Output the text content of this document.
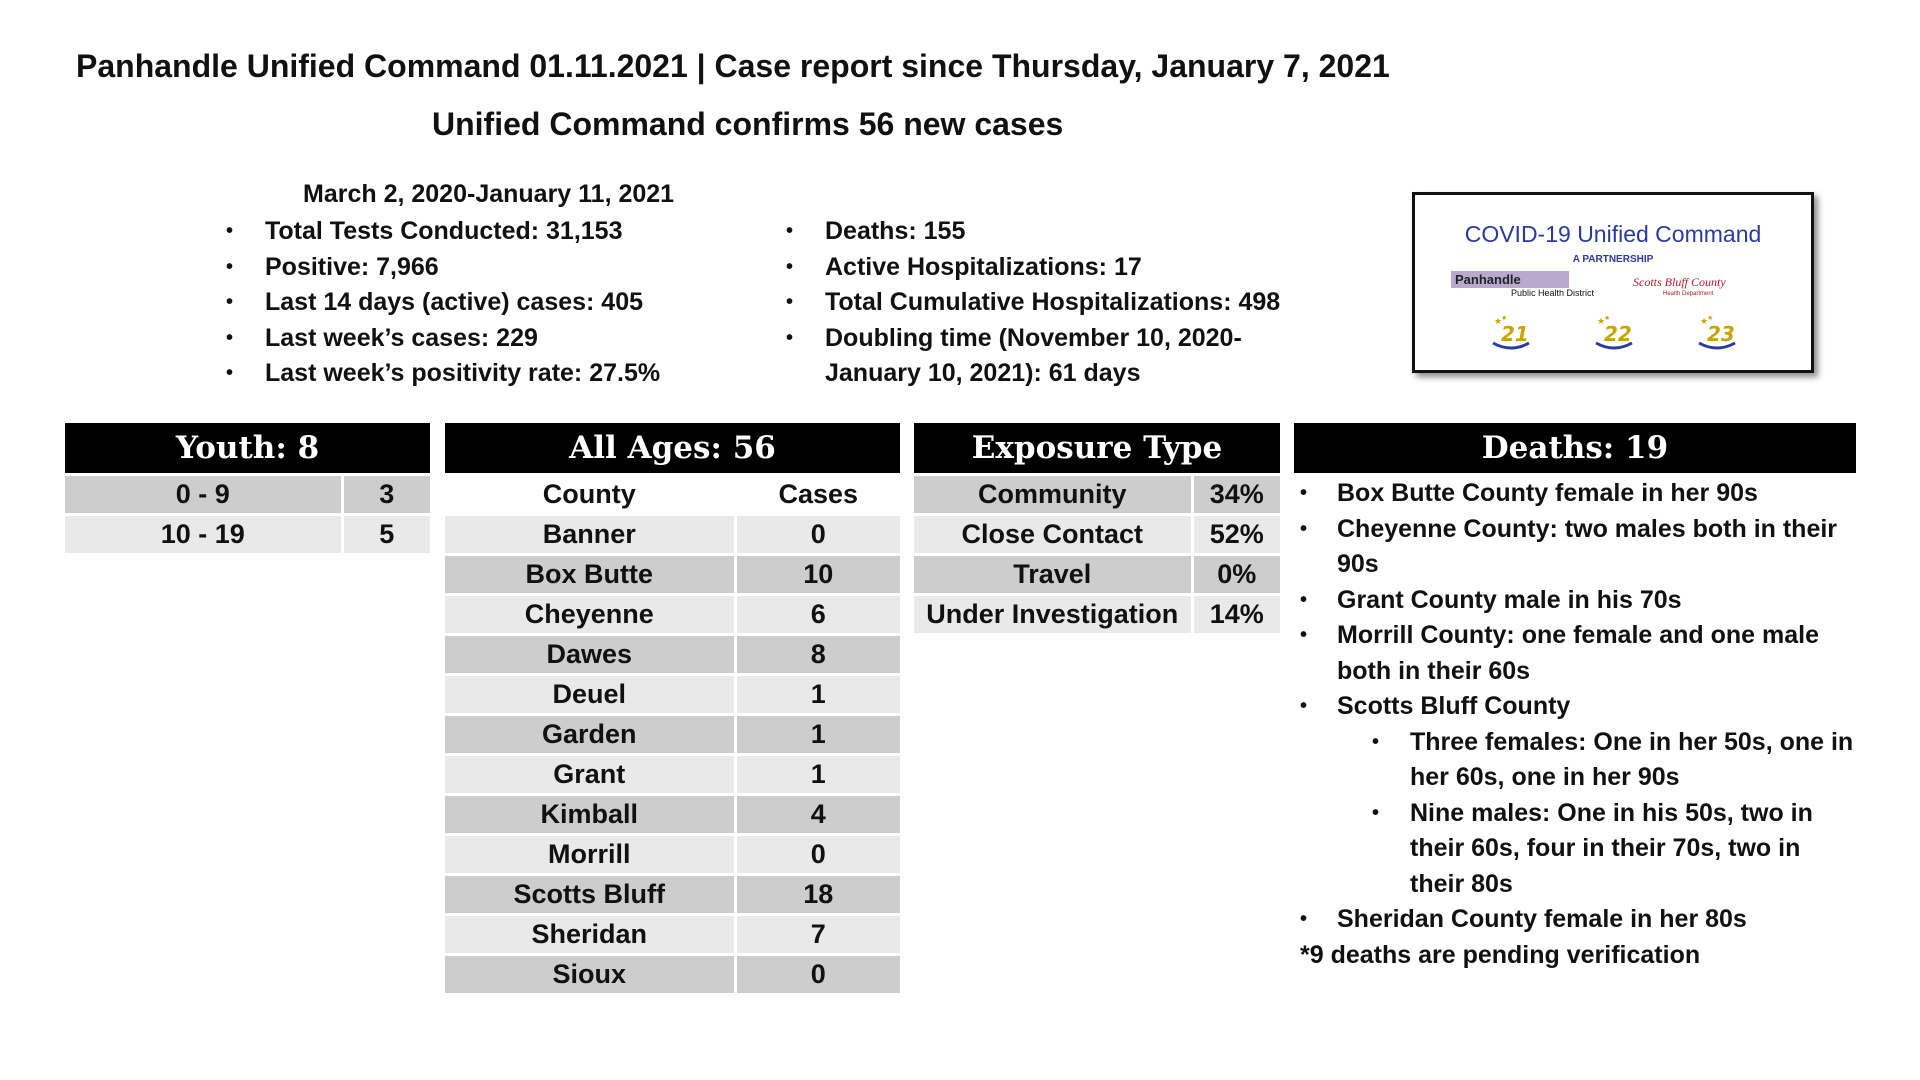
Panhandle Unified Command 01.11.2021 | Case report since Thursday, January 7, 2021
Unified Command confirms 56 new cases
March 2, 2020-January 11, 2021
• Total Tests Conducted: 31,153
• Positive: 7,966
• Last 14 days (active) cases: 405
• Last week’s cases: 229
• Last week’s positivity rate: 27.5%
• Deaths: 155
• Active Hospitalizations: 17
• Total Cumulative Hospitalizations: 498
• Doubling time (November 10, 2020-January 10, 2021): 61 days
COVID-19 Unified Command
A PARTNERSHIP
Panhandle
Public Health District
Scotts Bluff County
Health Department
★
★
21	★
★
22	★
★
23
Youth: 8
0 - 9	3
10 - 19	5
All Ages: 56
County	Cases
Banner	0
Box Butte	10
Cheyenne	6
Dawes	8
Deuel	1
Garden	1
Grant	1
Kimball	4
Morrill	0
Scotts Bluff	18
Sheridan	7
Sioux	0
Exposure Type
Community	34%
Close Contact	52%
Travel	0%
Under Investigation	14%
Deaths: 19
• Box Butte County female in her 90s
• Cheyenne County: two males both in their 90s
• Grant County male in his 70s
• Morrill County: one female and one male both in their 60s
• Scotts Bluff County
• Three females: One in her 50s, one in her 60s, one in her 90s
• Nine males: One in his 50s, two in their 60s, four in their 70s, two in their 80s
• Sheridan County female in her 80s

*9 deaths are pending verification
